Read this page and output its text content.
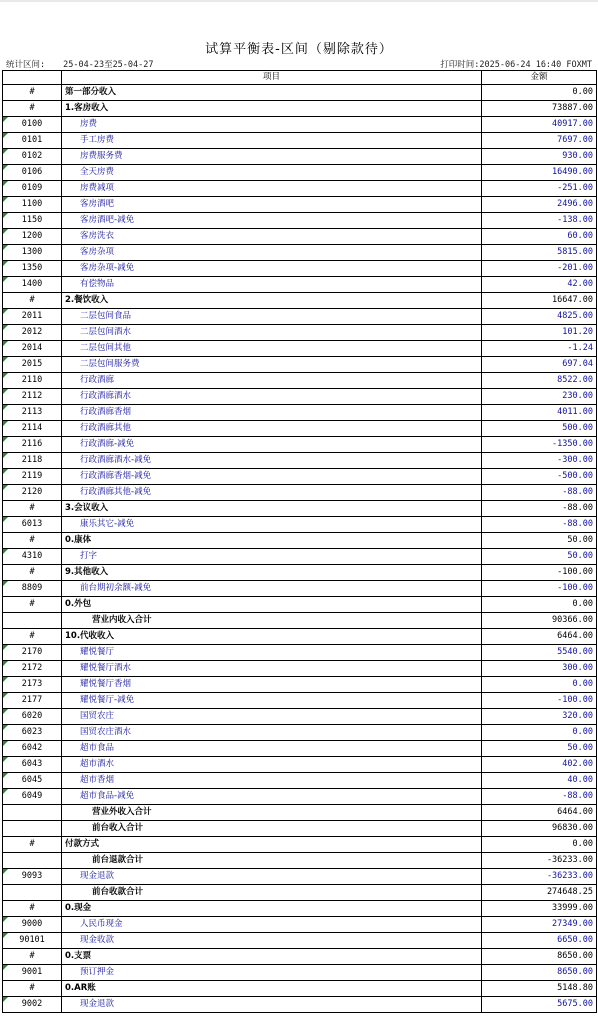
试算平衡表-区间（剔除款待）
统计区间: 25-04-23至25-04-27	打印时间:2025-06-24 16:40 FOXMT
	项目	金额
#	第一部分收入	0.00
#	1.客房收入	73887.00
0100	房费	40917.00
0101	手工房费	7697.00
0102	房费服务费	930.00
0106	全天房费	16490.00
0109	房费减项	-251.00
1100	客房酒吧	2496.00
1150	客房酒吧-减免	-138.00
1200	客房洗衣	60.00
1300	客房杂项	5815.00
1350	客房杂项-减免	-201.00
1400	有偿物品	42.00
#	2.餐饮收入	16647.00
2011	二层包间食品	4825.00
2012	二层包间酒水	101.20
2014	二层包间其他	-1.24
2015	二层包间服务费	697.04
2110	行政酒廊	8522.00
2112	行政酒廊酒水	230.00
2113	行政酒廊香烟	4011.00
2114	行政酒廊其他	500.00
2116	行政酒廊-减免	-1350.00
2118	行政酒廊酒水-减免	-300.00
2119	行政酒廊香烟-减免	-500.00
2120	行政酒廊其他-减免	-88.00
#	3.会议收入	-88.00
6013	康乐其它-减免	-88.00
#	0.康体	50.00
4310	打字	50.00
#	9.其他收入	-100.00
8809	前台期初余额-减免	-100.00
#	0.外包	0.00
	营业内收入合计	90366.00
#	10.代收收入	6464.00
2170	耀悦餐厅	5540.00
2172	耀悦餐厅酒水	300.00
2173	耀悦餐厅香烟	0.00
2177	耀悦餐厅-减免	-100.00
6020	国贸农庄	320.00
6023	国贸农庄酒水	0.00
6042	超市食品	50.00
6043	超市酒水	402.00
6045	超市香烟	40.00
6049	超市食品-减免	-88.00
	营业外收入合计	6464.00
	前台收入合计	96830.00
#	付款方式	0.00
	前台退款合计	-36233.00
9093	现金退款	-36233.00
	前台收款合计	274648.25
#	0.现金	33999.00
9000	人民币现金	27349.00
90101	现金收款	6650.00
#	0.支票	8650.00
9001	预订押金	8650.00
#	0.AR账	5148.80
9002	现金退款	5675.00
